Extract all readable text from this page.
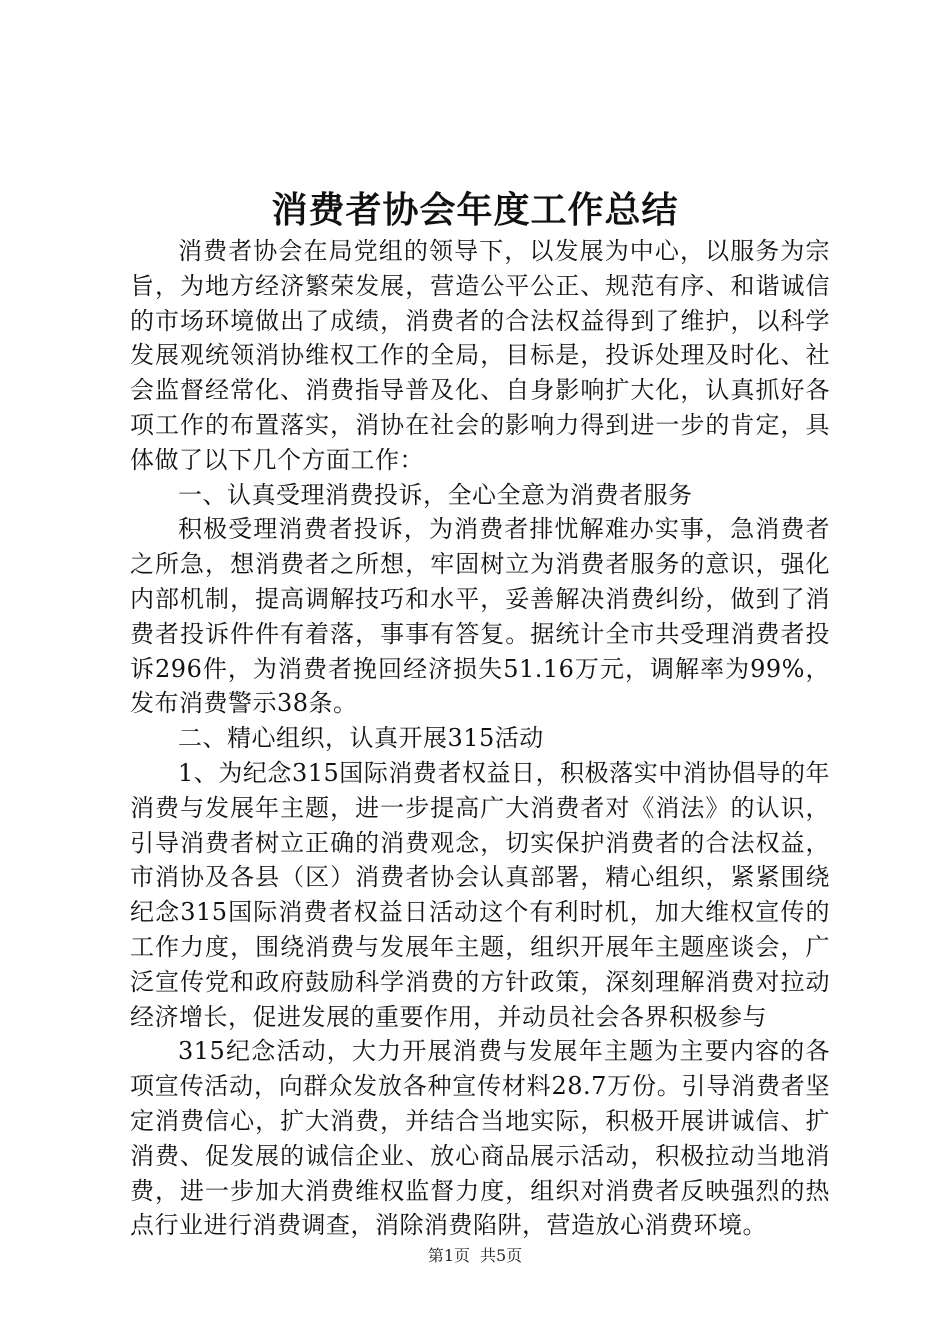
消费者协会年度工作总结

消费者协会在局党组的领导下，以发展为中心，以服务为宗旨，为地方经济繁荣发展，营造公平公正、规范有序、和谐诚信的市场环境做出了成绩，消费者的合法权益得到了维护，以科学发展观统领消协维权工作的全局，目标是，投诉处理及时化、社会监督经常化、消费指导普及化、自身影响扩大化，认真抓好各项工作的布置落实，消协在社会的影响力得到进一步的肯定，具体做了以下几个方面工作：

一、认真受理消费投诉，全心全意为消费者服务

积极受理消费者投诉，为消费者排忧解难办实事，急消费者之所急，想消费者之所想，牢固树立为消费者服务的意识，强化内部机制，提高调解技巧和水平，妥善解决消费纠纷，做到了消费者投诉件件有着落，事事有答复。据统计全市共受理消费者投诉296件，为消费者挽回经济损失51.16万元，调解率为99%，发布消费警示38条。

二、精心组织，认真开展315活动

1、为纪念315国际消费者权益日，积极落实中消协倡导的年消费与发展年主题，进一步提高广大消费者对《消法》的认识，引导消费者树立正确的消费观念，切实保护消费者的合法权益，市消协及各县（区）消费者协会认真部署，精心组织，紧紧围绕纪念315国际消费者权益日活动这个有利时机，加大维权宣传的工作力度，围绕消费与发展年主题，组织开展年主题座谈会，广泛宣传党和政府鼓励科学消费的方针政策，深刻理解消费对拉动经济增长，促进发展的重要作用，并动员社会各界积极参与

315纪念活动，大力开展消费与发展年主题为主要内容的各项宣传活动，向群众发放各种宣传材料28.7万份。引导消费者坚定消费信心，扩大消费，并结合当地实际，积极开展讲诚信、扩消费、促发展的诚信企业、放心商品展示活动，积极拉动当地消费，进一步加大消费维权监督力度，组织对消费者反映强烈的热点行业进行消费调查，消除消费陷阱，营造放心消费环境。

第1页 共5页
